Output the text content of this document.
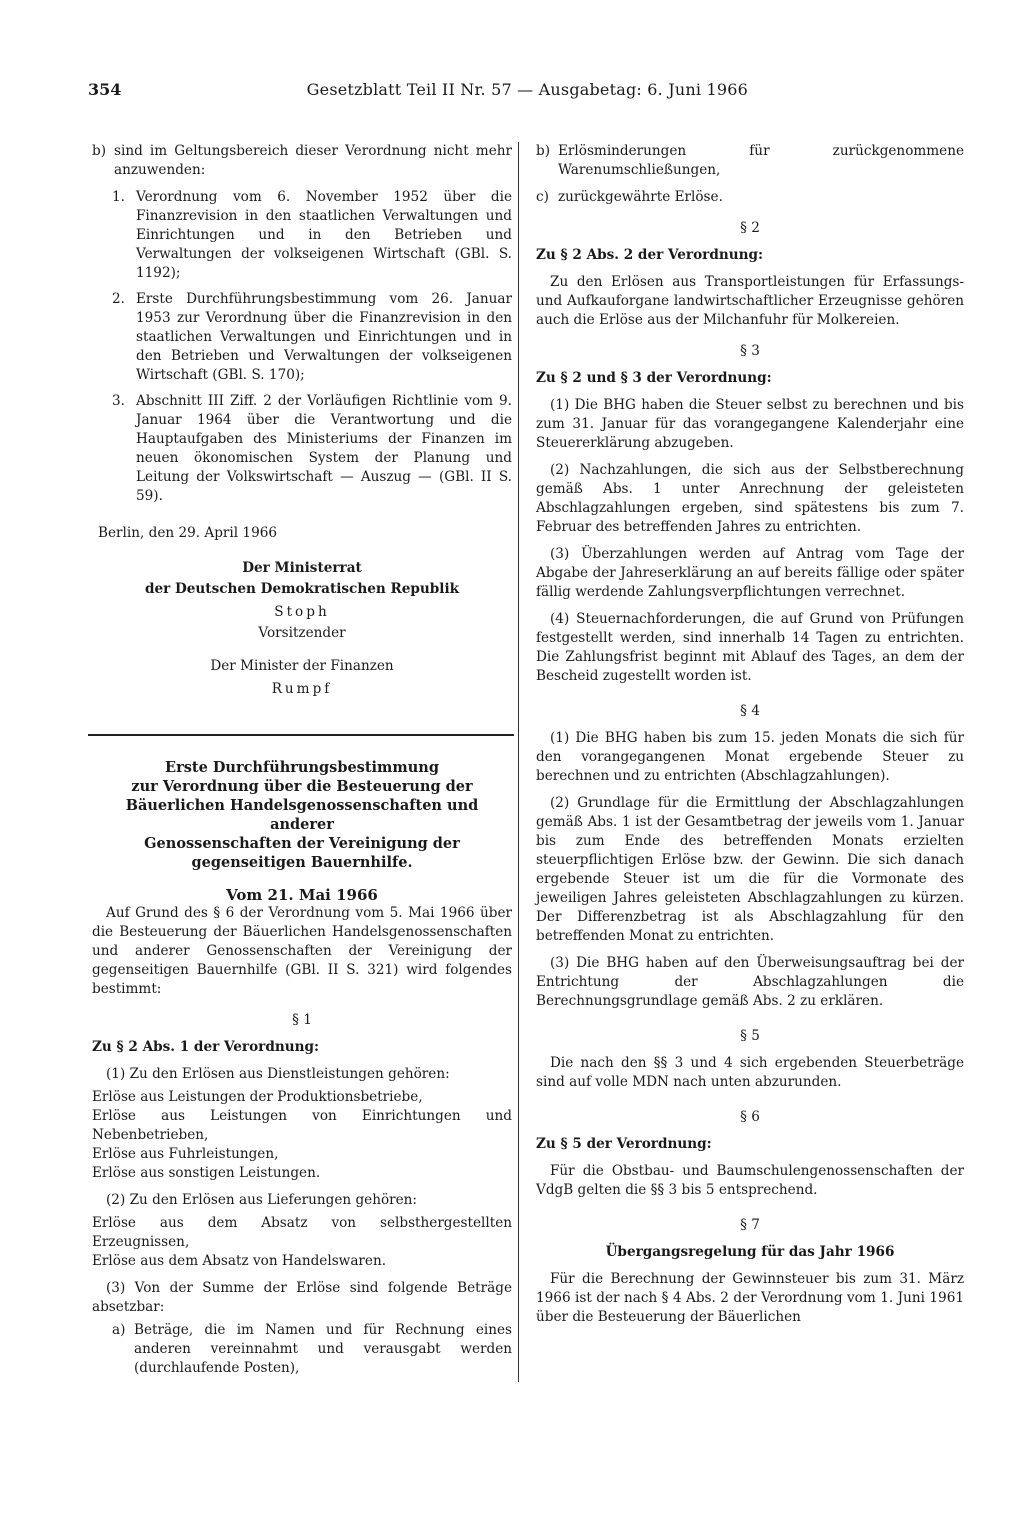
354	Gesetzblatt Teil II Nr. 57 — Ausgabetag: 6. Juni 1966
b) sind im Geltungsbereich dieser Verordnung nicht mehr anzuwenden:
1. Verordnung vom 6. November 1952 über die Finanzrevision in den staatlichen Verwaltungen und Einrichtungen und in den Betrieben und Verwaltungen der volkseigenen Wirtschaft (GBl. S. 1192);
2. Erste Durchführungsbestimmung vom 26. Januar 1953 zur Verordnung über die Finanzrevision in den staatlichen Verwaltungen und Einrichtungen und in den Betrieben und Verwaltungen der volkseigenen Wirtschaft (GBl. S. 170);
3. Abschnitt III Ziff. 2 der Vorläufigen Richtlinie vom 9. Januar 1964 über die Verantwortung und die Hauptaufgaben des Ministeriums der Finanzen im neuen ökonomischen System der Planung und Leitung der Volkswirtschaft — Auszug — (GBl. II S. 59).

Berlin, den 29. April 1966

Der Ministerrat

der Deutschen Demokratischen Republik

Stoph

Vorsitzender

Der Minister der Finanzen

Rumpf

Erste Durchführungsbestimmung

zur Verordnung über die Besteuerung der

Bäuerlichen Handelsgenossenschaften und anderer

Genossenschaften der Vereinigung der

gegenseitigen Bauernhilfe.

Vom 21. Mai 1966

Auf Grund des § 6 der Verordnung vom 5. Mai 1966 über die Besteuerung der Bäuerlichen Handelsgenossenschaften und anderer Genossenschaften der Vereinigung der gegenseitigen Bauernhilfe (GBl. II S. 321) wird folgendes bestimmt:

§ 1

Zu § 2 Abs. 1 der Verordnung:

(1) Zu den Erlösen aus Dienstleistungen gehören:

Erlöse aus Leistungen der Produktionsbetriebe,

Erlöse aus Leistungen von Einrichtungen und Nebenbetrieben,

Erlöse aus Fuhrleistungen,

Erlöse aus sonstigen Leistungen.

(2) Zu den Erlösen aus Lieferungen gehören:

Erlöse aus dem Absatz von selbsthergestellten Erzeugnissen,

Erlöse aus dem Absatz von Handelswaren.

(3) Von der Summe der Erlöse sind folgende Beträge absetzbar:

a) Beträge, die im Namen und für Rechnung eines anderen vereinnahmt und verausgabt werden (durchlaufende Posten),
b) Erlösminderungen für zurückgenommene Warenumschließungen,
c) zurückgewährte Erlöse.

§ 2

Zu § 2 Abs. 2 der Verordnung:

Zu den Erlösen aus Transportleistungen für Erfassungs- und Aufkauforgane landwirtschaftlicher Erzeugnisse gehören auch die Erlöse aus der Milchanfuhr für Molkereien.

§ 3

Zu § 2 und § 3 der Verordnung:

(1) Die BHG haben die Steuer selbst zu berechnen und bis zum 31. Januar für das vorangegangene Kalenderjahr eine Steuererklärung abzugeben.

(2) Nachzahlungen, die sich aus der Selbstberechnung gemäß Abs. 1 unter Anrechnung der geleisteten Abschlagzahlungen ergeben, sind spätestens bis zum 7. Februar des betreffenden Jahres zu entrichten.

(3) Überzahlungen werden auf Antrag vom Tage der Abgabe der Jahreserklärung an auf bereits fällige oder später fällig werdende Zahlungsverpflichtungen verrechnet.

(4) Steuernachforderungen, die auf Grund von Prüfungen festgestellt werden, sind innerhalb 14 Tagen zu entrichten. Die Zahlungsfrist beginnt mit Ablauf des Tages, an dem der Bescheid zugestellt worden ist.

§ 4

(1) Die BHG haben bis zum 15. jeden Monats die sich für den vorangegangenen Monat ergebende Steuer zu berechnen und zu entrichten (Abschlagzahlungen).

(2) Grundlage für die Ermittlung der Abschlagzahlungen gemäß Abs. 1 ist der Gesamtbetrag der jeweils vom 1. Januar bis zum Ende des betreffenden Monats erzielten steuerpflichtigen Erlöse bzw. der Gewinn. Die sich danach ergebende Steuer ist um die für die Vormonate des jeweiligen Jahres geleisteten Abschlagzahlungen zu kürzen. Der Differenzbetrag ist als Abschlagzahlung für den betreffenden Monat zu entrichten.

(3) Die BHG haben auf den Überweisungsauftrag bei der Entrichtung der Abschlagzahlungen die Berechnungsgrundlage gemäß Abs. 2 zu erklären.

§ 5

Die nach den §§ 3 und 4 sich ergebenden Steuerbeträge sind auf volle MDN nach unten abzurunden.

§ 6

Zu § 5 der Verordnung:

Für die Obstbau- und Baumschulengenossenschaften der VdgB gelten die §§ 3 bis 5 entsprechend.

§ 7

Übergangsregelung für das Jahr 1966

Für die Berechnung der Gewinnsteuer bis zum 31. März 1966 ist der nach § 4 Abs. 2 der Verordnung vom 1. Juni 1961 über die Besteuerung der Bäuerlichen
